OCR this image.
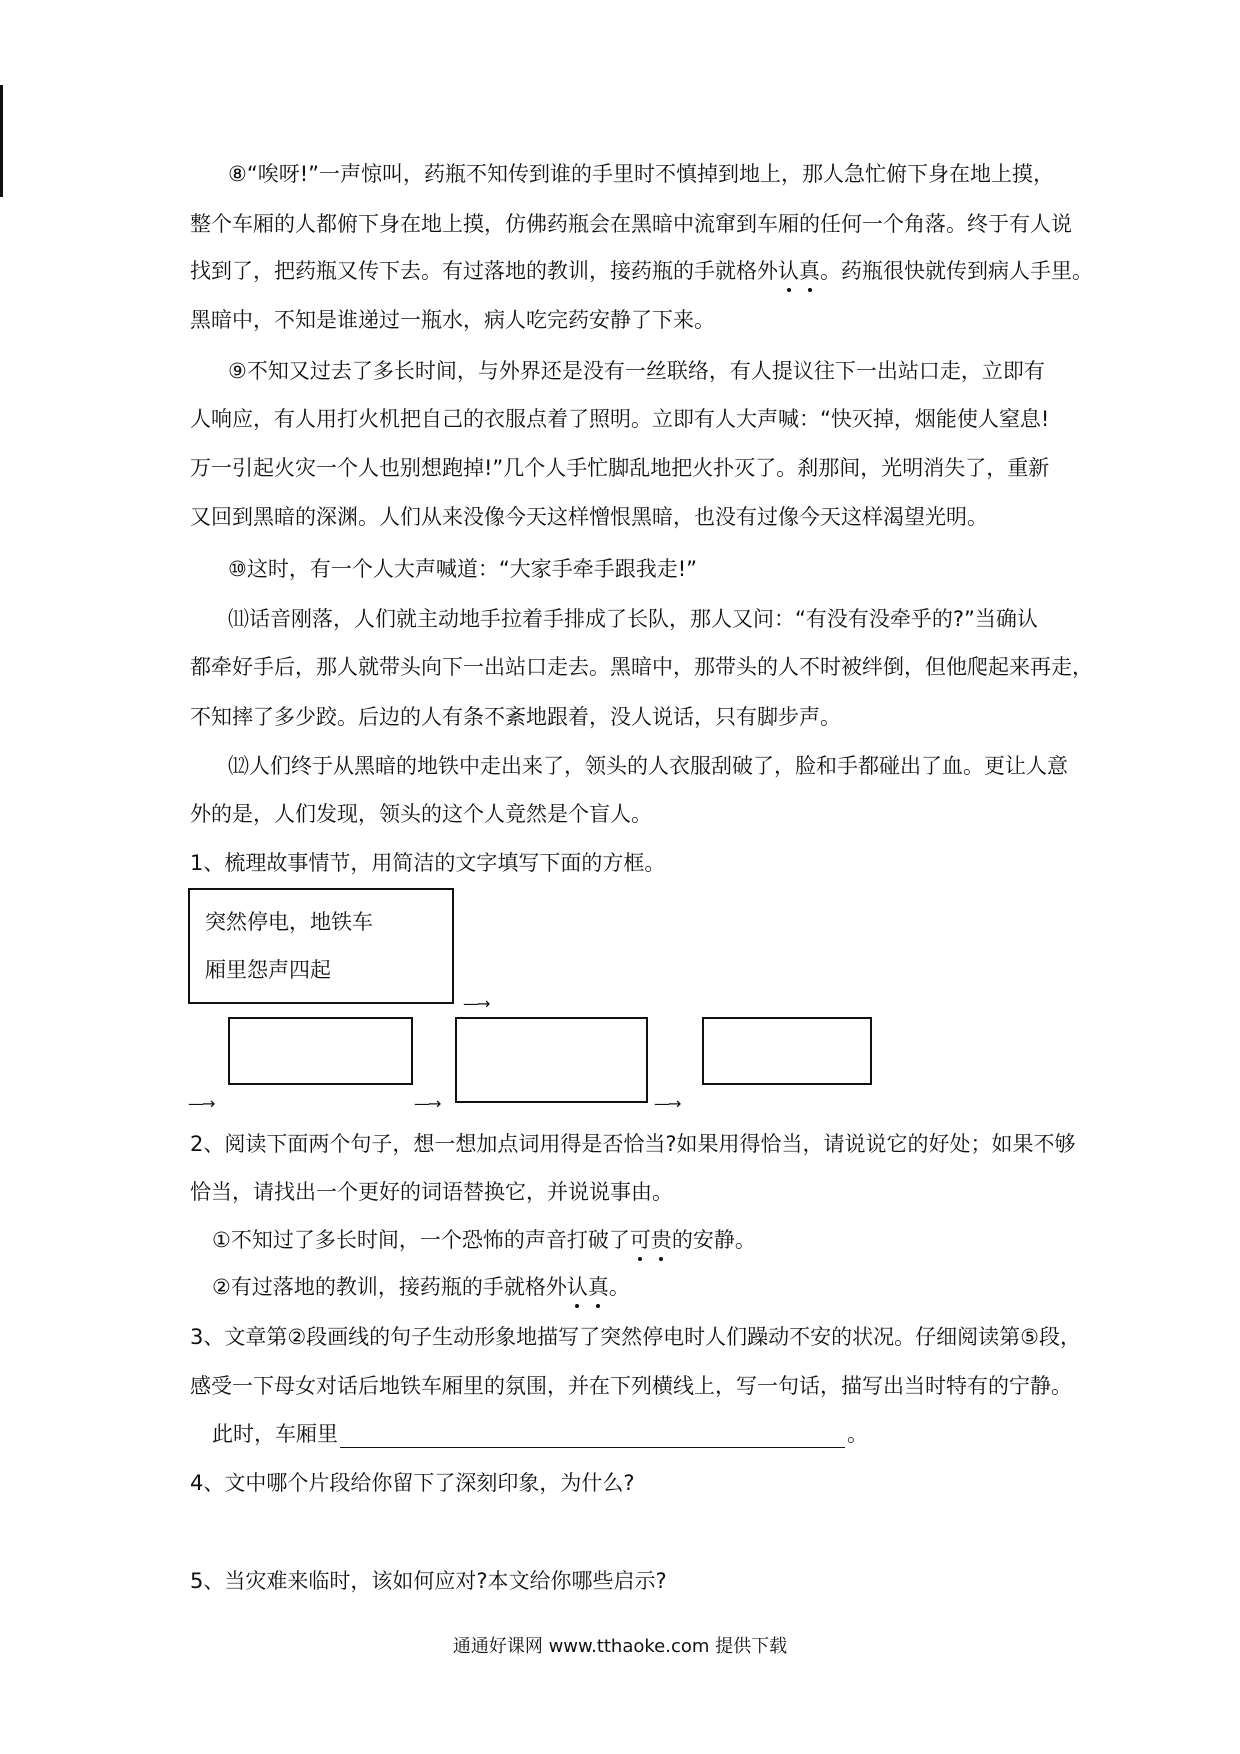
⑧“唉呀!”一声惊叫，药瓶不知传到谁的手里时不慎掉到地上，那人急忙俯下身在地上摸，
整个车厢的人都俯下身在地上摸，仿佛药瓶会在黑暗中流窜到车厢的任何一个角落。终于有人说
找到了，把药瓶又传下去。有过落地的教训，接药瓶的手就格外认真。药瓶很快就传到病人手里。
黑暗中，不知是谁递过一瓶水，病人吃完药安静了下来。
⑨不知又过去了多长时间，与外界还是没有一丝联络，有人提议往下一出站口走，立即有
人响应，有人用打火机把自己的衣服点着了照明。立即有人大声喊：“快灭掉，烟能使人窒息!
万一引起火灾一个人也别想跑掉!”几个人手忙脚乱地把火扑灭了。刹那间，光明消失了，重新
又回到黑暗的深渊。人们从来没像今天这样憎恨黑暗，也没有过像今天这样渴望光明。
⑩这时，有一个人大声喊道：“大家手牵手跟我走!”
⑾话音刚落，人们就主动地手拉着手排成了长队，那人又问：“有没有没牵乎的?”当确认
都牵好手后，那人就带头向下一出站口走去。黑暗中，那带头的人不时被绊倒，但他爬起来再走，
不知摔了多少跤。后边的人有条不紊地跟着，没人说话，只有脚步声。
⑿人们终于从黑暗的地铁中走出来了，领头的人衣服刮破了，脸和手都碰出了血。更让人意
外的是，人们发现，领头的这个人竟然是个盲人。
1、梳理故事情节，用简洁的文字填写下面的方框。
突然停电，地铁车
厢里怨声四起
—→
—→	—→	—→
2、阅读下面两个句子，想一想加点词用得是否恰当?如果用得恰当，请说说它的好处；如果不够
恰当，请找出一个更好的词语替换它，并说说事由。
①不知过了多长时间，一个恐怖的声音打破了可贵的安静。
②有过落地的教训，接药瓶的手就格外认真。
3、文章第②段画线的句子生动形象地描写了突然停电时人们躁动不安的状况。仔细阅读第⑤段，
感受一下母女对话后地铁车厢里的氛围，并在下列横线上，写一句话，描写出当时特有的宁静。
此时，车厢里	。
4、文中哪个片段给你留下了深刻印象，为什么?
5、当灾难来临时，该如何应对?本文给你哪些启示?
通通好课网 www.tthaoke.com 提供下载
